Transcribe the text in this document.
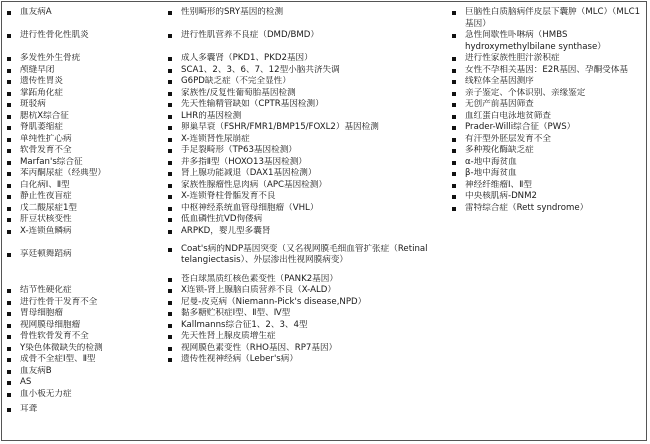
血友病A
进行性骨化性肌炎
多发性外生骨疣
颅缝早闭
遗传性胃炎
掌跖角化症
斑驳病
腮杭X综合征
脊肌萎缩症
单纯性扩心病
软骨发育不全
Marfan's综合征
苯丙酮尿症（经典型）
白化病Ⅰ、Ⅱ型
静止性夜盲症
戊二酸尿症1型
肝豆状核变性
X-连锁鱼鳞病
享廷顿舞蹈病
结节性硬化症
进行性骨干发育不全
胃母细胞瘤
视网膜母细胞瘤
骨性软骨发育不全
Y染色体微缺失的检测
成骨不全症Ⅰ型、Ⅱ型
血友病B
AS
血小板无力症
耳聋
性别畸形的SRY基因的检测
进行性肌营养不良症（DMD/BMD）
成人多囊肾（PKD1、PKD2基因）
SCA1、2、3、6、7、12型小脑共济失调
G6PD缺乏症（不完全显性）
家族性/反复性葡萄胎基因检测
先天性输精管缺如（CPTR基因检测）
LHR的基因检测
卵巢早衰（FSHR/FMR1/BMP15/FOXL2）基因检测
X-连锁肾性尿崩症
手足裂畸形（TP63基因检测）
并多指Ⅱ型（HOXO13基因检测）
肾上腺功能减退（DAX1基因检测）
家族性腺瘤性息肉病（APC基因检测）
X-连锁脊柱骨骺发育不良
中枢神经系统血管母细胞瘤（VHL）
低血磷性抗VD佝偻病
ARPKD，婴儿型多囊肾
Coat's病的NDP基因突变（又名视网膜毛细血管扩张症（Retinal telangiectasis）、外层渗出性视网膜病变）
苍白球黑质红核色素变性（PANK2基因）
X连锁-肾上腺脑白质营养不良（X-ALD）
尼曼-皮克病（Niemann-Pick's disease,NPD）
黏多糖贮积症Ⅰ型、Ⅱ型、Ⅳ型
Kallmanns综合征1、2、3、4型
先天性肾上腺皮质增生症
视网膜色素变性（RHO基因、RP7基因）
遗传性视神经病（Leber's病）
巨脑性白质脑病伴皮层下囊肿（MLC）（MLC1基因）
急性间歇性卟啉病（HMBS hydroxymethylbilane synthase）
进行性家族性胆汁淤积症
女性不孕相关基因：E2R基因、孕酮受体基
线粒体全基因测序
亲子鉴定、个体识别、亲缘鉴定
无创产前基因筛查
血红蛋白电泳地贫筛查
Prader-Willi综合征（PWS）
有汗型外胚层发育不全
多种羧化酶缺乏症
α-地中海贫血
β-地中海贫血
神经纤维瘤Ⅰ、Ⅱ型
中央核肌病-DNM2
雷特综合症（Rett syndrome）
